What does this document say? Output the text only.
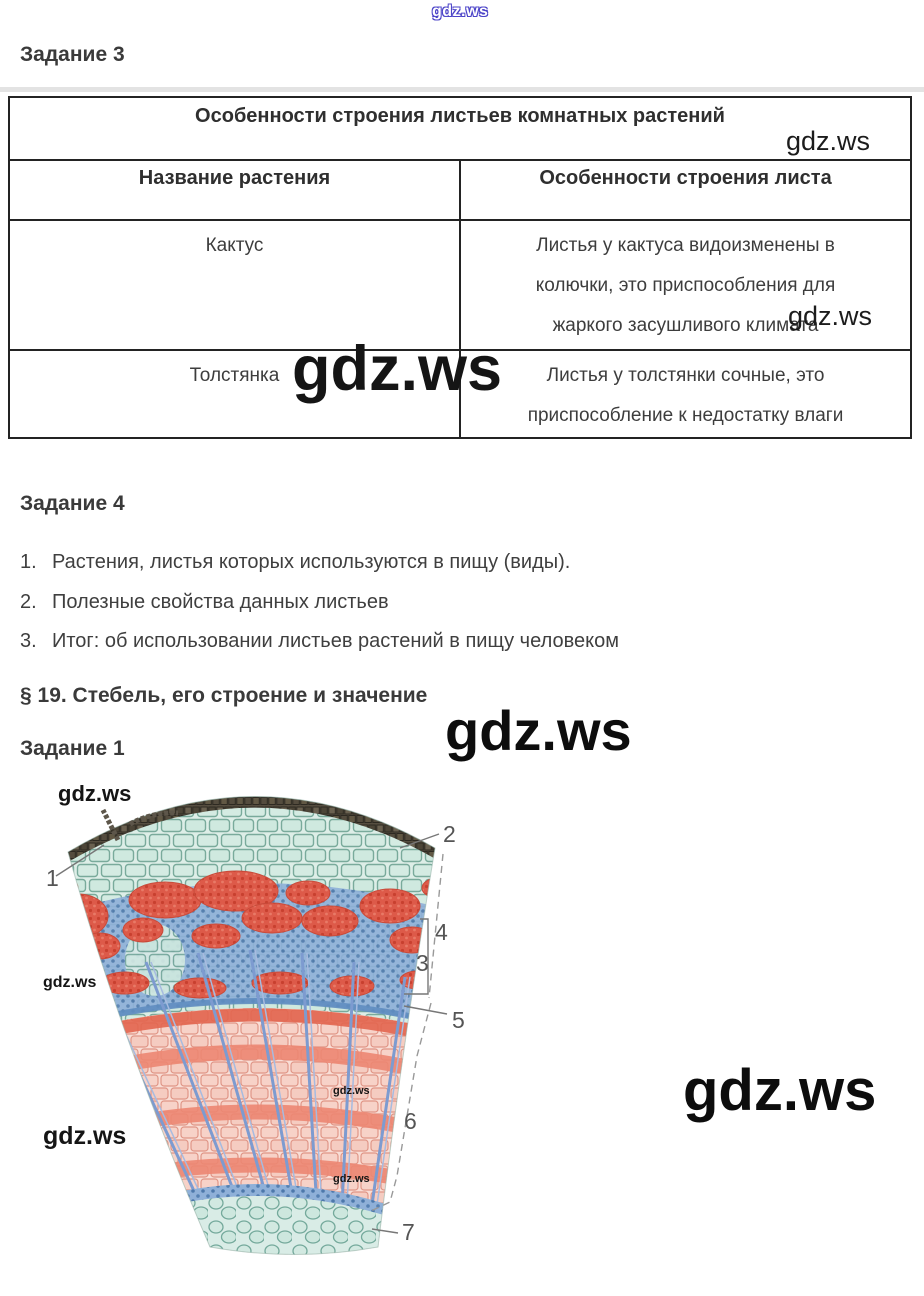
gdz.ws
Задание 3
Особенности строения листьев комнатных растений	
Название растения	Особенности строения листа
Кактус	Листья у кактуса видоизменены в колючки, это приспособления для жаркого засушливого климата
Толстянка	Листья у толстянки сочные, это приспособление к недостатку влаги
gdz.ws
gdz.ws
gdz.ws
Задание 4
1. Растения, листья которых используются в пищу (виды).
2. Полезные свойства данных листьев
3. Итог: об использовании листьев растений в пищу человеком
§ 19. Стебель, его строение и значение
gdz.ws
Задание 1
gdz.ws
1
2
4
3
5
6
7
gdz.ws
gdz.ws
gdz.ws
gdz.ws
gdz.ws
